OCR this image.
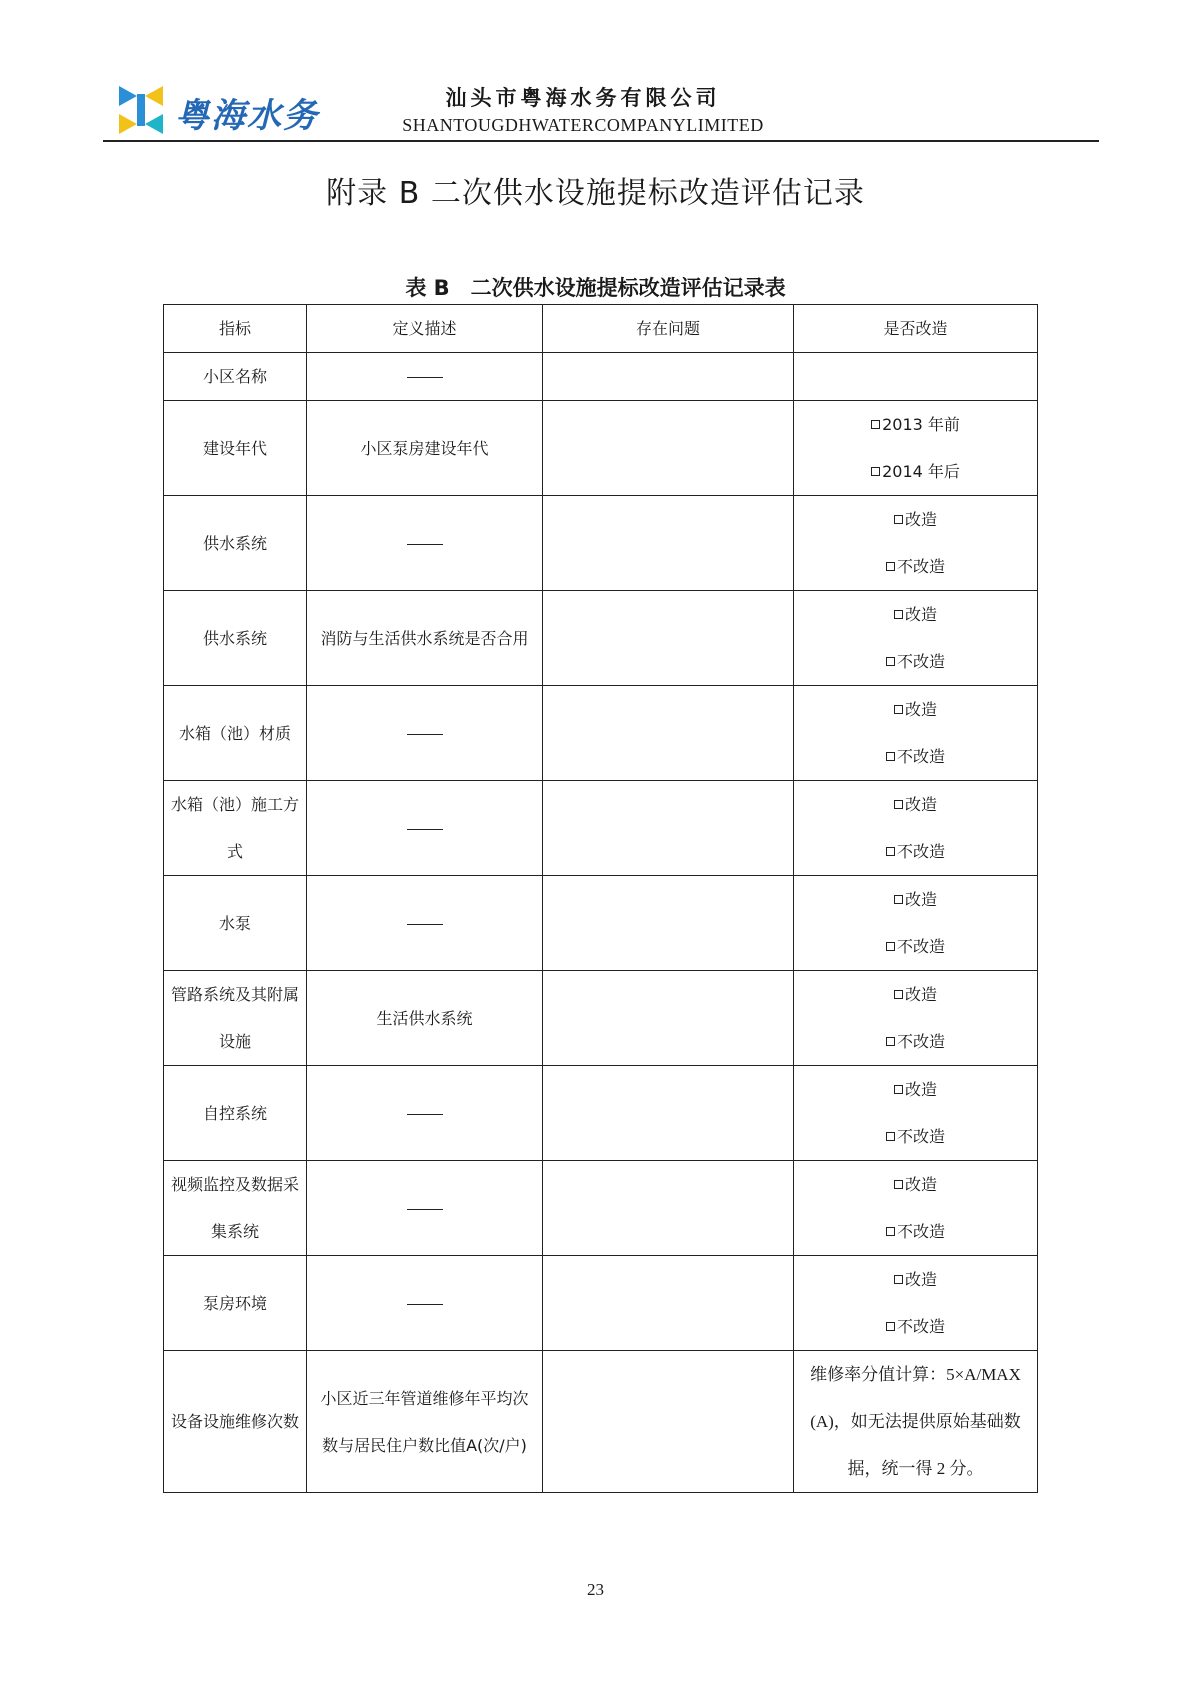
粤海水务	汕头市粤海水务有限公司
SHANTOUGDHWATERCOMPANYLIMITED
附录 B 二次供水设施提标改造评估记录
表 B　二次供水设施提标改造评估记录表
指标	定义描述	存在问题	是否改造
小区名称			
建设年代	小区泵房建设年代		2013 年前
2014 年后

供水系统			改造
不改造

供水系统	消防与生活供水系统是否合用		改造
不改造

水箱（池）材质			改造
不改造

水箱（池）施工方式			改造
不改造

水泵			改造
不改造

管路系统及其附属设施	生活供水系统		改造
不改造

自控系统			改造
不改造

视频监控及数据采集系统			改造
不改造

泵房环境			改造
不改造

设备设施维修次数	小区近三年管道维修年平均次数与居民住户数比值A(次/户)		维修率分值计算：5×A/MAX(A)，如无法提供原始基础数据，统一得 2 分。
23
